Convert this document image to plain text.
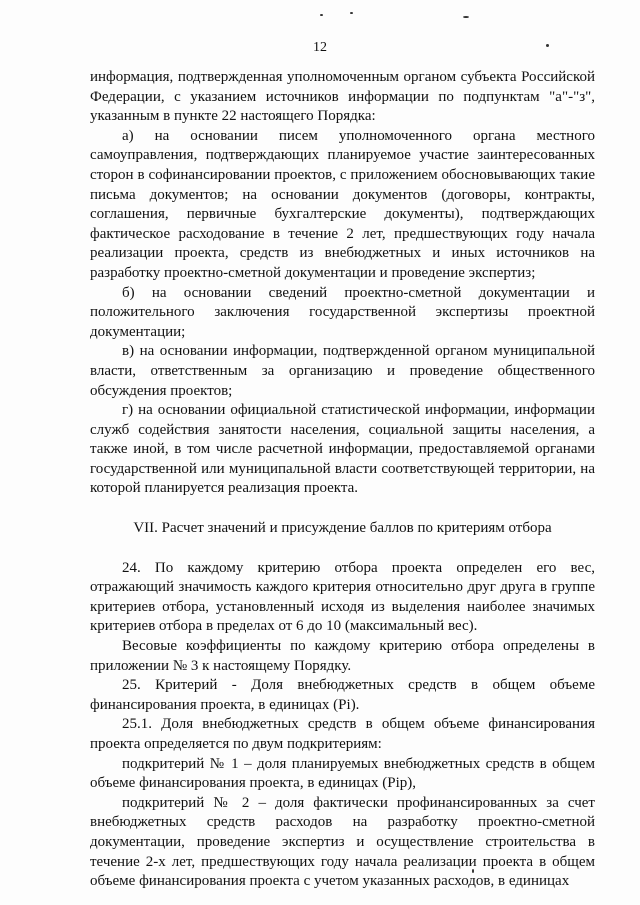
12

информация, подтвержденная уполномоченным органом субъекта Российской Федерации, с указанием источников информации по подпунктам "а"-"з", указанным в пункте 22 настоящего Порядка:

а) на основании писем уполномоченного органа местного самоуправления, подтверждающих планируемое участие заинтересованных сторон в софинансировании проектов, с приложением обосновывающих такие письма документов; на основании документов (договоры, контракты, соглашения, первичные бухгалтерские документы), подтверждающих фактическое расходование в течение 2 лет, предшествующих году начала реализации проекта, средств из внебюджетных и иных источников на разработку проектно-сметной документации и проведение экспертиз;

б) на основании сведений проектно-сметной документации и положительного заключения государственной экспертизы проектной документации;

в) на основании информации, подтвержденной органом муниципальной власти, ответственным за организацию и проведение общественного обсуждения проектов;

г) на основании официальной статистической информации, информации служб содействия занятости населения, социальной защиты населения, а также иной, в том числе расчетной информации, предоставляемой органами государственной или муниципальной власти соответствующей территории, на которой планируется реализация проекта.

VII. Расчет значений и присуждение баллов по критериям отбора

24. По каждому критерию отбора проекта определен его вес, отражающий значимость каждого критерия относительно друг друга в группе критериев отбора, установленный исходя из выделения наиболее значимых критериев отбора в пределах от 6 до 10 (максимальный вес).

Весовые коэффициенты по каждому критерию отбора определены в приложении № 3 к настоящему Порядку.

25. Критерий - Доля внебюджетных средств в общем объеме финансирования проекта, в единицах (Pi).

25.1. Доля внебюджетных средств в общем объеме финансирования проекта определяется по двум подкритериям:

подкритерий № 1 – доля планируемых внебюджетных средств в общем объеме финансирования проекта, в единицах (Pip),

подкритерий № 2 – доля фактически профинансированных за счет внебюджетных средств расходов на разработку проектно-сметной документации, проведение экспертиз и осуществление строительства в течение 2-х лет, предшествующих году начала реализации проекта в общем объеме финансирования проекта с учетом указанных расходов, в единицах
